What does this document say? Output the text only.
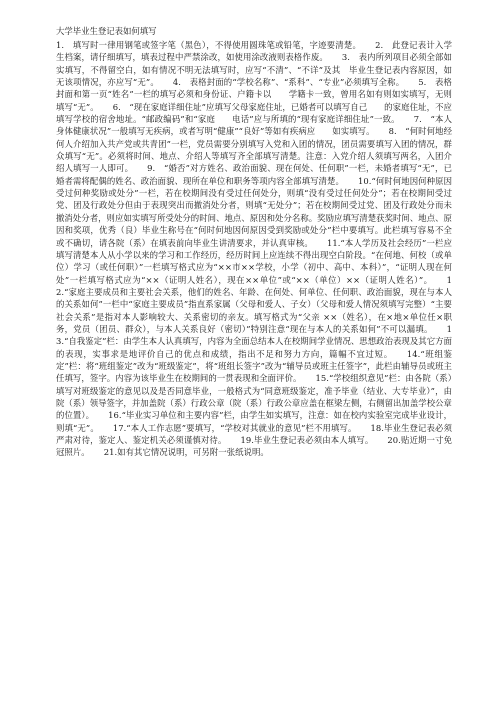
大学毕业生登记表如何填写

1.　填写时一律用钢笔或签字笔（黑色），不得使用圆珠笔或铅笔，字迹要清楚。 2.　此登记表计入学生档案，请仔细填写，填表过程中严禁涂改，如使用涂改液则表格作废。 3.　表内所列项目必须全部如实填写，不得留空白，如有情况不明无法填写时，应写“不清”、“不详”及其　毕业生登记表内容原因，如无该项情况，亦应写“无”。 4.　表格封面的“学校名称”、“系科”、“专业”必须填写全称。 5.　表格封面和第一页“姓名”一栏的填写必须和身份证、户籍卡以　　学籍卡一致，曾用名如有则如实填写，无则填写“无”。 6.　“现在家庭详细住址”应填写父母家庭住址，已婚者可以填写自己　　的家庭住址，不应填写学校的宿舍地址。“邮政编码”和“家庭　　电话”应与所填的“现有家庭详细住址”一致。 7.　“本人身体健康状况”一般填写无疾病，或者写明“健康”“良好”等如有疾病应　　如实填写。 8.　“何时何地经何人介绍加入共产党或共青团”一栏，党员需要分别填写入党和入团的情况，团员需要填写入团的情况，群众填写“无”。必须将时间、地点、介绍人等填写齐全部填写清楚。注意：入党介绍人须填写两名，入团介绍人填写一人即可。 9.　“婚否”对方姓名、政治面貌、现在何处、任何职”一栏，未婚者填写“无”，已婚者需将配偶的姓名、政治面貌、现所在单位和职务等项内容全部填写清楚。 10.“何时何地因何种原因受过何种奖励或处分”一栏，若在校期间没有受过任何处分，则填“没有受过任何处分”；若在校期间受过党、团及行政处分但由于表现突出而撤消处分者，则填“无处分”；若在校期间受过党、团及行政处分而未撤消处分者，则应如实填写所受处分的时间、地点、原因和处分名称。奖励应填写清楚获奖时间、地点、原因和奖项，优秀（良）毕业生称号在“何时何地因何原因受到奖励或处分”栏中要填写。此栏填写容易不全或不确切，请各院（系）在填表前向毕业生讲清要求，并认真审核。 11.“本人学历及社会经历”一栏应填写清楚本人从小学以来的学习和工作经历，经历时间上应连续不得出现空白阶段。“在何地、何校（或单位）学习（或任何职）”一栏填写格式应为“××市××学校，小学（初中、高中、本科）”，“证明人现在何处”一栏填写格式应为“××（证明人姓名），现在××单位”或“××（单位）××（证明人姓名）”。 12.“家庭主要成员和主要社会关系，他们的姓名、年龄、在何处、何单位、任何职、政治面貌，现在与本人的关系如何”一栏中“家庭主要成员”指直系家属（父母和爱人、子女）（父母和爱人情况须填写完整）“主要社会关系”是指对本人影响较大、关系密切的亲友。填写格式为“父亲 ××（姓名），在×地×单位任×职务，党员（团员、群众），与本人关系良好（密切）”特别注意“现在与本人的关系如何”不可以漏填。 13.“自我鉴定”栏：由学生本人认真填写，内容为全面总结本人在校期间学业情况、思想政治表现及其它方面的表现，实事求是地评价自己的优点和成绩，指出不足和努力方向，篇幅不宜过短。 14.“班组鉴定”栏：将“班组鉴定”改为“班级鉴定”，将“班组长签字”改为“辅导员或班主任签字”，此栏由辅导员或班主任填写，签字。内容为该毕业生在校期间的一贯表现和全面评价。 15.“学校组织意见”栏：由各院（系）填写对班级鉴定的意见以及是否同意毕业，一般格式为“同意班级鉴定，准予毕业（结业、大专毕业）”，由院（系）领导签字，并加盖院（系）行政公章（院（系）行政公章应盖在框梁左侧，右侧留出加盖学校公章的位置）。 16.“毕业实习单位和主要内容”栏，由学生如实填写，注意：如在校内实验室完成毕业设计，则填“无”。 17.“本人工作志愿”要填写，“学校对其就业的意见”栏不用填写。 18.毕业生登记表必须严肃对待，鉴定人、鉴定机关必须谨慎对待。 19.毕业生登记表必须由本人填写。 20.贴近期一寸免冠照片。 21.如有其它情况说明，可另附一张纸说明。
